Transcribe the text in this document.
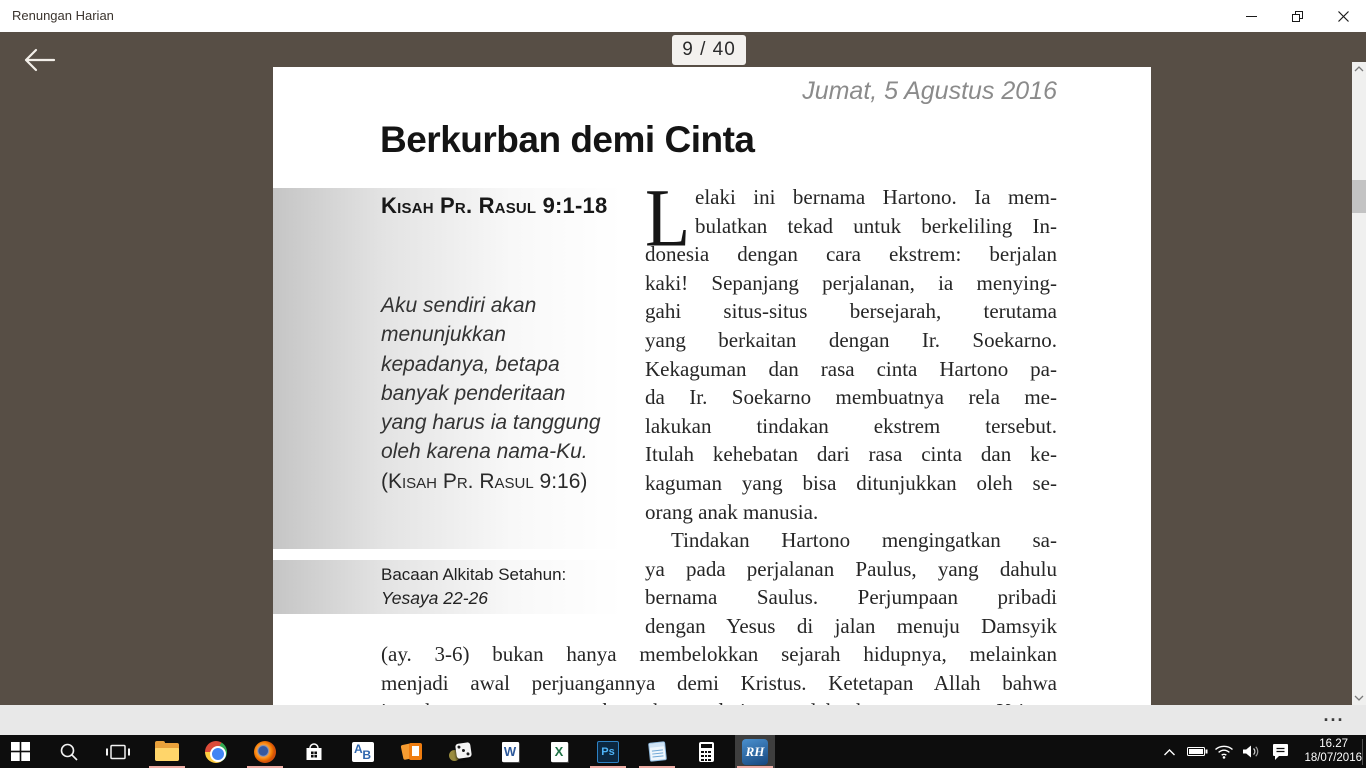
Renungan Harian
9 / 40
Jumat, 5 Agustus 2016
Berkurban demi Cinta
Kisah Pr. Rasul 9:1-18
Aku sendiri akan
menunjukkan
kepadanya, betapa
banyak penderitaan
yang harus ia tanggung
oleh karena nama-Ku.
(Kisah Pr. Rasul 9:16)
Bacaan Alkitab Setahun:
Yesaya 22-26
L elaki ini bernama Hartono. Ia mem-
bulatkan tekad untuk berkeliling In-
donesia dengan cara ekstrem: berjalan
kaki! Sepanjang perjalanan, ia menying-
gahi situs-situs bersejarah, terutama
yang berkaitan dengan Ir. Soekarno.
Kekaguman dan rasa cinta Hartono pa-
da Ir. Soekarno membuatnya rela me-
lakukan tindakan ekstrem tersebut.
Itulah kehebatan dari rasa cinta dan ke-
kaguman yang bisa ditunjukkan oleh se-
orang anak manusia.
Tindakan Hartono mengingatkan sa-
ya pada perjalanan Paulus, yang dahulu
bernama Saulus. Perjumpaan pribadi
dengan Yesus di jalan menuju Damsyik
(ay. 3-6) bukan hanya membelokkan sejarah hidupnya, melainkan
menjadi awal perjuangannya demi Kristus. Ketetapan Allah bahwa
...
A B	W	X	Ps	RH	16.27
18/07/2016
